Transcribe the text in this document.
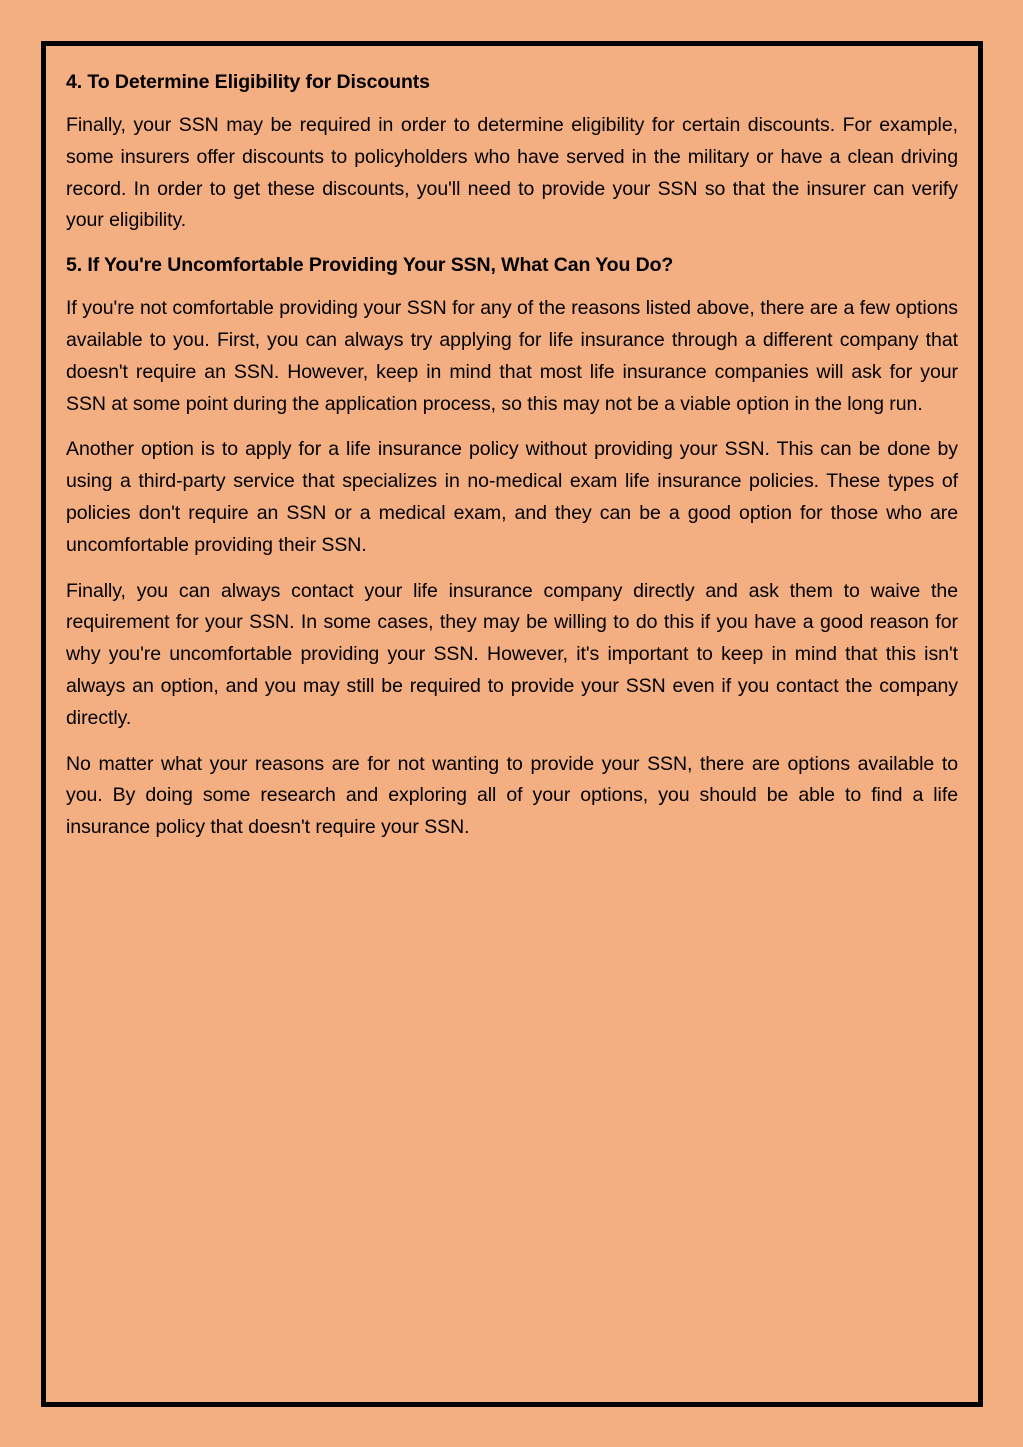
4. To Determine Eligibility for Discounts

Finally, your SSN may be required in order to determine eligibility for certain discounts. For example, some insurers offer discounts to policyholders who have served in the military or have a clean driving record. In order to get these discounts, you'll need to provide your SSN so that the insurer can verify your eligibility.

5. If You're Uncomfortable Providing Your SSN, What Can You Do?

If you're not comfortable providing your SSN for any of the reasons listed above, there are a few options available to you. First, you can always try applying for life insurance through a different company that doesn't require an SSN. However, keep in mind that most life insurance companies will ask for your SSN at some point during the application process, so this may not be a viable option in the long run.

Another option is to apply for a life insurance policy without providing your SSN. This can be done by using a third-party service that specializes in no-medical exam life insurance policies. These types of policies don't require an SSN or a medical exam, and they can be a good option for those who are uncomfortable providing their SSN.

Finally, you can always contact your life insurance company directly and ask them to waive the requirement for your SSN. In some cases, they may be willing to do this if you have a good reason for why you're uncomfortable providing your SSN. However, it's important to keep in mind that this isn't always an option, and you may still be required to provide your SSN even if you contact the company directly.

No matter what your reasons are for not wanting to provide your SSN, there are options available to you. By doing some research and exploring all of your options, you should be able to find a life insurance policy that doesn't require your SSN.
